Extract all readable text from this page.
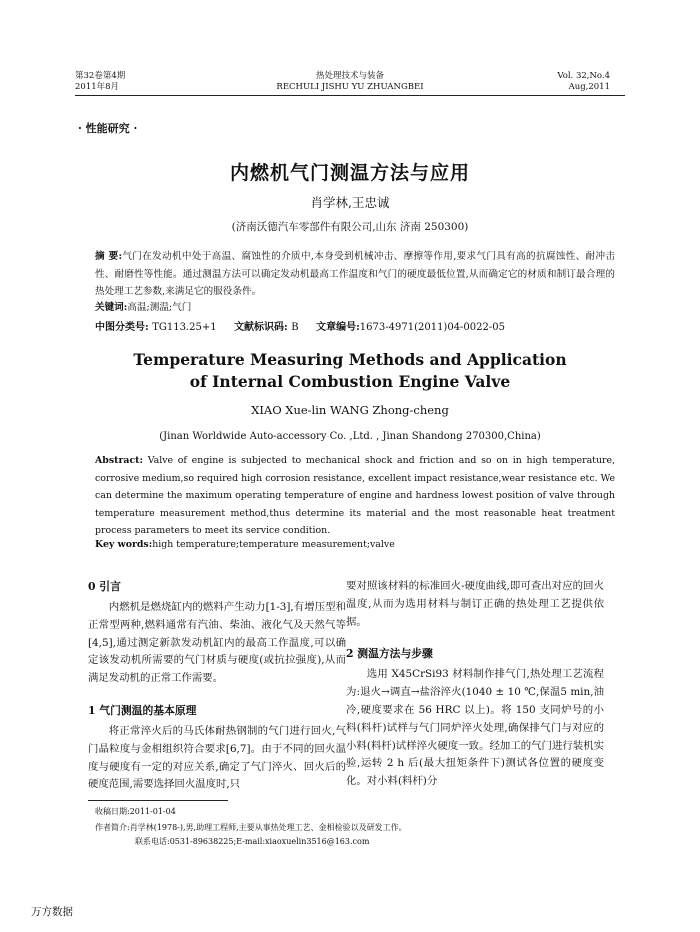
第32卷第4期
2011年8月
热处理技术与装备
RECHULI JISHU YU ZHUANGBEI
Vol. 32,No.4
Aug,2011
· 性能研究 ·
内燃机气门测温方法与应用
肖学林,王忠诚
(济南沃德汽车零部件有限公司,山东 济南 250300)
摘 要:气门在发动机中处于高温、腐蚀性的介质中,本身受到机械冲击、摩擦等作用,要求气门具有高的抗腐蚀性、耐冲击性、耐磨性等性能。通过测温方法可以确定发动机最高工作温度和气门的硬度最低位置,从而确定它的材质和制订最合理的热处理工艺参数,来满足它的服役条件。
关键词:高温;测温;气门
中图分类号: TG113.25+1 文献标识码: B 文章编号:1673-4971(2011)04-0022-05
Temperature Measuring Methods and Application
of Internal Combustion Engine Valve
XIAO Xue-lin WANG Zhong-cheng
(Jinan Worldwide Auto-accessory Co. ,Ltd. , Jinan Shandong 270300,China)
Abstract: Valve of engine is subjected to mechanical shock and friction and so on in high temperature, corrosive medium,so required high corrosion resistance, excellent impact resistance,wear resistance etc. We can determine the maximum operating temperature of engine and hardness lowest position of valve through temperature measurement method,thus determine its material and the most reasonable heat treatment process parameters to meet its service condition.
Key words:high temperature;temperature measurement;valve
0 引言

内燃机是燃烧缸内的燃料产生动力[1-3],有增压型和正常型两种,燃料通常有汽油、柴油、液化气及天然气等[4,5],通过测定新款发动机缸内的最高工作温度,可以确定该发动机所需要的气门材质与硬度(或抗拉强度),从而满足发动机的正常工作需要。

1 气门测温的基本原理

将正常淬火后的马氏体耐热钢制的气门进行回火,气门晶粒度与金相组织符合要求[6,7]。由于不同的回火温度与硬度有一定的对应关系,确定了气门淬火、回火后的硬度范围,需要选择回火温度时,只

要对照该材料的标准回火-硬度曲线,即可查出对应的回火温度,从而为选用材料与制订正确的热处理工艺提供依据。

2 测温方法与步骤

选用 X45CrSi93 材料制作排气门,热处理工艺流程为:退火→调直→盐浴淬火(1040 ± 10 ℃,保温5 min,油冷,硬度要求在 56 HRC 以上)。将 150 支同炉号的小料(料杆)试样与气门同炉淬火处理,确保排气门与对应的小料(料杆)试样淬火硬度一致。经加工的气门进行装机实验,运转 2 h 后(最大扭矩条件下)测试各位置的硬度变化。对小料(料杆)分

收稿日期:2011-01-04
作者简介:肖学林(1978-),男,助理工程师,主要从事热处理工艺、金相检验以及研发工作。
联系电话:0531-89638225;E-mail:xiaoxuelin3516@163.com
万方数据
